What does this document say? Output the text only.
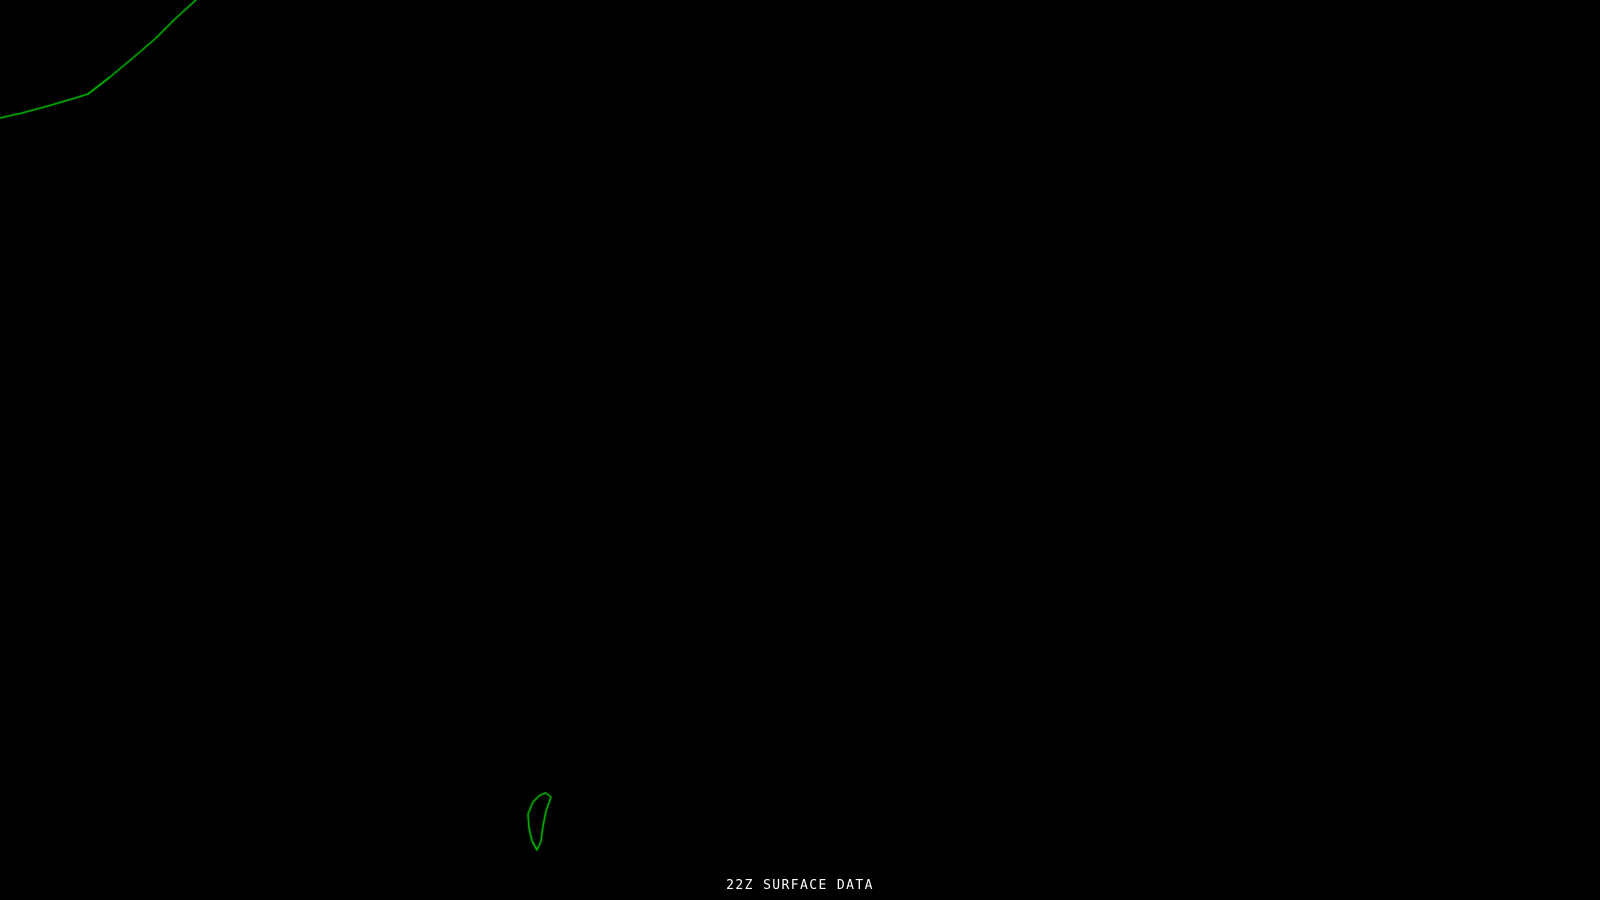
22Z SURFACE DATA
